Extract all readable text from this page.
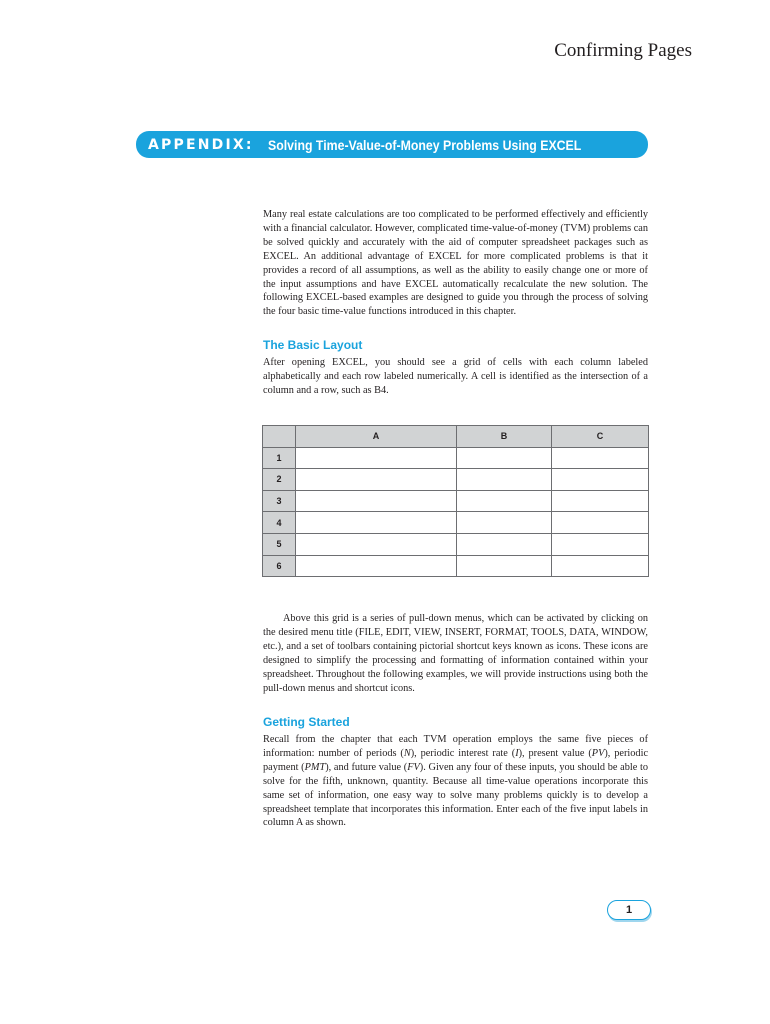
Confirming Pages
APPENDIX: Solving Time-Value-of-Money Problems Using EXCEL

Many real estate calculations are too complicated to be performed effectively and efficiently with a financial calculator. However, complicated time-value-of-money (TVM) problems can be solved quickly and accurately with the aid of computer spreadsheet packages such as EXCEL. An additional advantage of EXCEL for more complicated problems is that it provides a record of all assumptions, as well as the ability to easily change one or more of the input assumptions and have EXCEL automatically recalculate the new solution. The following EXCEL-based examples are designed to guide you through the process of solving the four basic time-value functions introduced in this chapter.

The Basic Layout

After opening EXCEL, you should see a grid of cells with each column labeled alphabetically and each row labeled numerically. A cell is identified as the intersection of a column and a row, such as B4.

	A	B	C
1			
2			
3			
4			
5			
6			

Above this grid is a series of pull-down menus, which can be activated by clicking on the desired menu title (FILE, EDIT, VIEW, INSERT, FORMAT, TOOLS, DATA, WINDOW, etc.), and a set of toolbars containing pictorial shortcut keys known as icons. These icons are designed to simplify the processing and formatting of information contained within your spreadsheet. Throughout the following examples, we will provide instructions using both the pull-down menus and shortcut icons.

Getting Started

Recall from the chapter that each TVM operation employs the same five pieces of information: number of periods (N), periodic interest rate (I), present value (PV), periodic payment (PMT), and future value (FV). Given any four of these inputs, you should be able to solve for the fifth, unknown, quantity. Because all time-value operations incorporate this same set of information, one easy way to solve many problems quickly is to develop a spreadsheet template that incorporates this information. Enter each of the five input labels in column A as shown.

1
